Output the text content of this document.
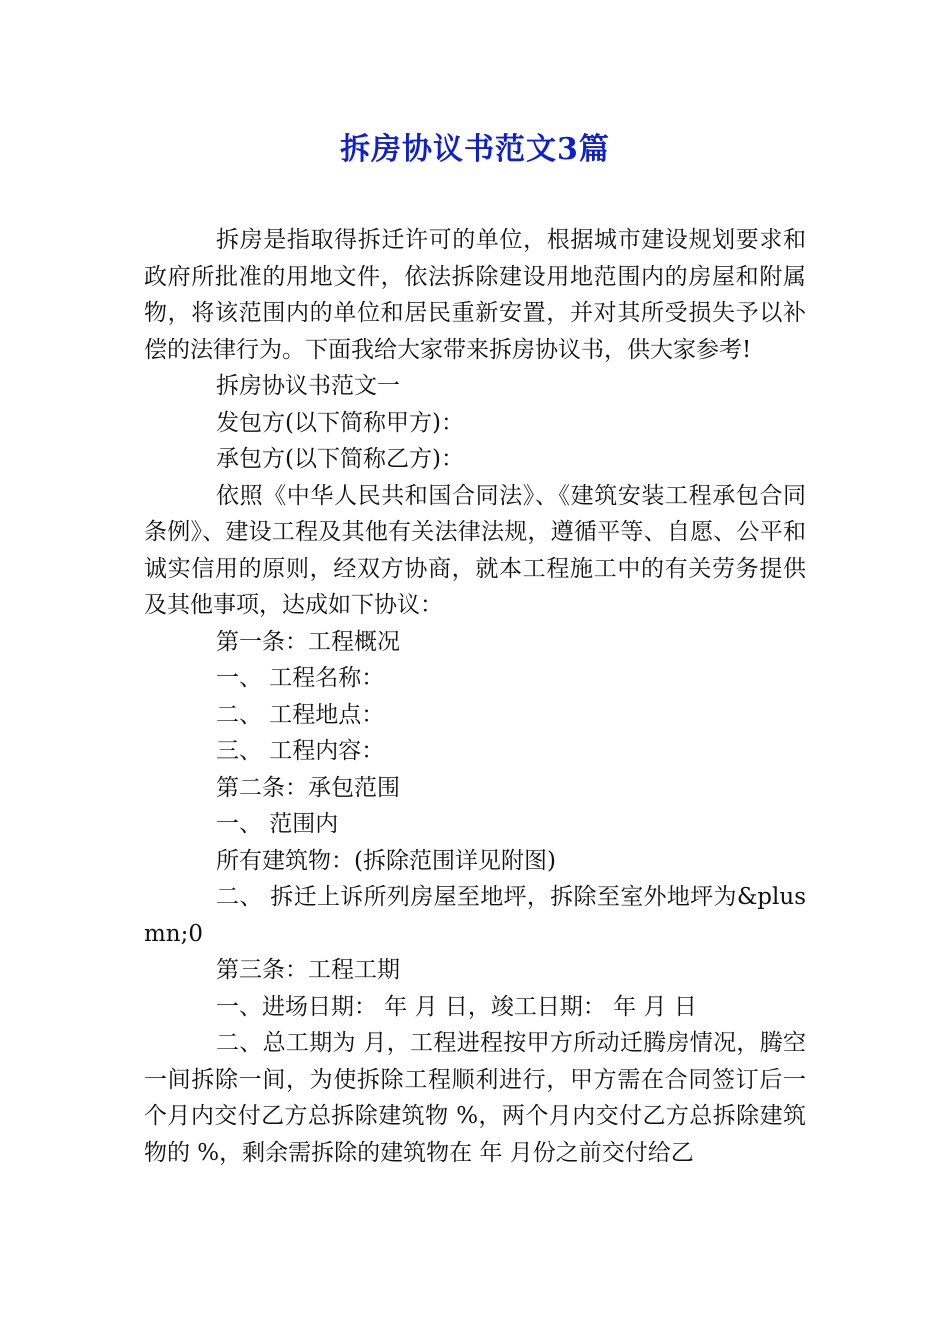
拆房协议书范文3篇

拆房是指取得拆迁许可的单位，根据城市建设规划要求和政府所批准的用地文件，依法拆除建设用地范围内的房屋和附属物，将该范围内的单位和居民重新安置，并对其所受损失予以补偿的法律行为。下面我给大家带来拆房协议书，供大家参考!

拆房协议书范文一

发包方(以下简称甲方)：

承包方(以下简称乙方)：

依照《中华人民共和国合同法》、《建筑安装工程承包合同条例》、建设工程及其他有关法律法规，遵循平等、自愿、公平和诚实信用的原则，经双方协商，就本工程施工中的有关劳务提供及其他事项，达成如下协议：

第一条：工程概况

一、 工程名称：

二、 工程地点：

三、 工程内容：

第二条：承包范围

一、 范围内

所有建筑物：(拆除范围详见附图)

二、 拆迁上诉所列房屋至地坪，拆除至室外地坪为&plusmn;0

第三条：工程工期

一、进场日期： 年 月 日，竣工日期： 年 月 日

二、总工期为 月，工程进程按甲方所动迁腾房情况，腾空一间拆除一间，为使拆除工程顺利进行，甲方需在合同签订后一个月内交付乙方总拆除建筑物 %，两个月内交付乙方总拆除建筑物的 %，剩余需拆除的建筑物在 年 月份之前交付给乙
